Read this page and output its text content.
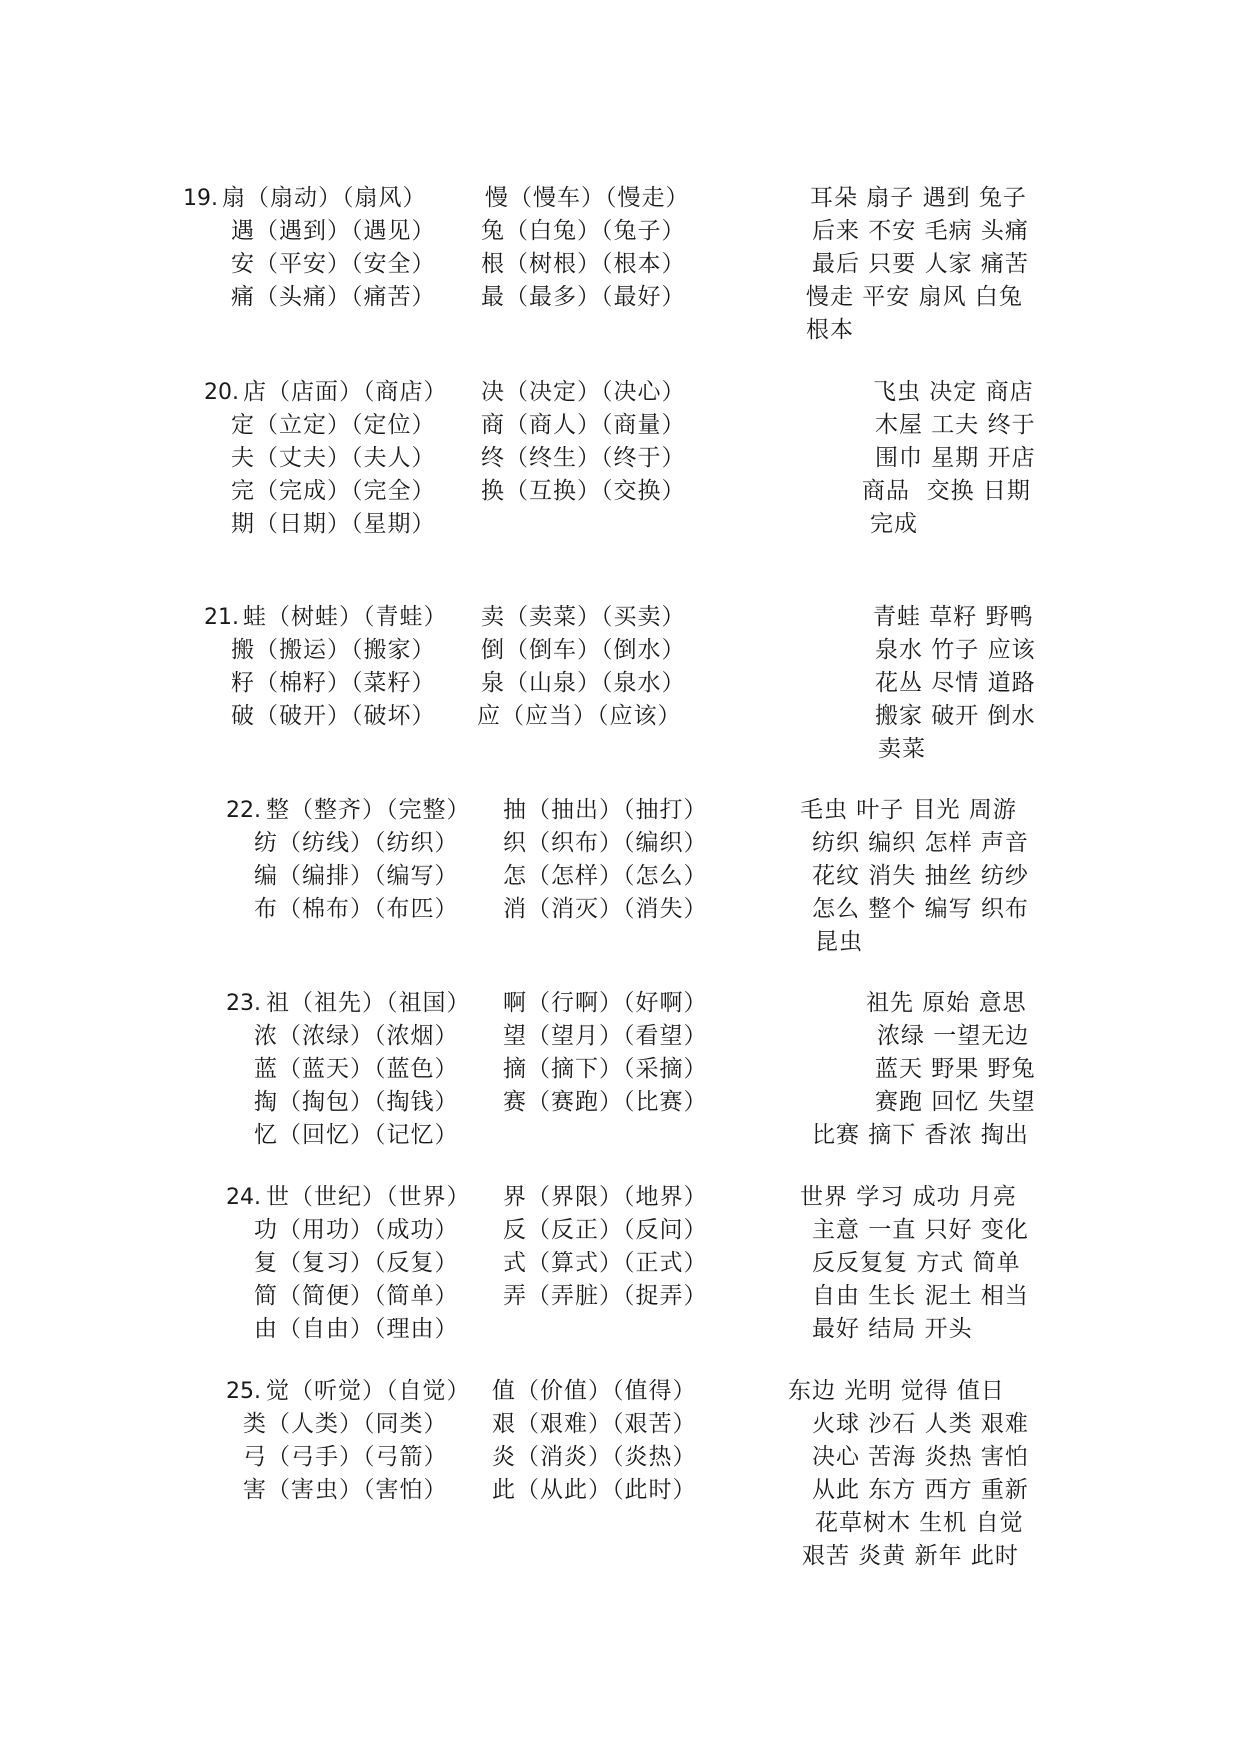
19. 扇（扇动）（扇风）
遇（遇到）（遇见）
安（平安）（安全）
痛（头痛）（痛苦）
慢（慢车）（慢走）
兔（白兔）（兔子）
根（树根）（根本）
最（最多）（最好）
耳朵 扇子 遇到 兔子
后来 不安 毛病 头痛
最后 只要 人家 痛苦
慢走 平安 扇风 白兔
根本
20. 店（店面）（商店）
定（立定）（定位）
夫（丈夫）（夫人）
完（完成）（完全）
期（日期）（星期）
决（决定）（决心）
商（商人）（商量）
终（终生）（终于）
换（互换）（交换）
飞虫 决定 商店
木屋 工夫 终于
围巾 星期 开店
商品  交换 日期
完成
21. 蛙（树蛙）（青蛙）
搬（搬运）（搬家）
籽（棉籽）（菜籽）
破（破开）（破坏）
卖（卖菜）（买卖）
倒（倒车）（倒水）
泉（山泉）（泉水）
应（应当）（应该）
青蛙 草籽 野鸭
泉水 竹子 应该
花丛 尽情 道路
搬家 破开 倒水
卖菜
22. 整（整齐）（完整）
纺（纺线）（纺织）
编（编排）（编写）
布（棉布）（布匹）
抽（抽出）（抽打）
织（织布）（编织）
怎（怎样）（怎么）
消（消灭）（消失）
毛虫 叶子 目光 周游
纺织 编织 怎样 声音
花纹 消失 抽丝 纺纱
怎么 整个 编写 织布
昆虫
23. 祖（祖先）（祖国）
浓（浓绿）（浓烟）
蓝（蓝天）（蓝色）
掏（掏包）（掏钱）
忆（回忆）（记忆）
啊（行啊）（好啊）
望（望月）（看望）
摘（摘下）（采摘）
赛（赛跑）（比赛）
祖先 原始 意思
浓绿 一望无边
蓝天 野果 野兔
赛跑 回忆 失望
比赛 摘下 香浓 掏出
24. 世（世纪）（世界）
功（用功）（成功）
复（复习）（反复）
简（简便）（简单）
由（自由）（理由）
界（界限）（地界）
反（反正）（反问）
式（算式）（正式）
弄（弄脏）（捉弄）
世界 学习 成功 月亮
主意 一直 只好 变化
反反复复 方式 简单
自由 生长 泥土 相当
最好 结局 开头
25. 觉（听觉）（自觉）
类（人类）（同类）
弓（弓手）（弓箭）
害（害虫）（害怕）
值（价值）（值得）
艰（艰难）（艰苦）
炎（消炎）（炎热）
此（从此）（此时）
东边 光明 觉得 值日
火球 沙石 人类 艰难
决心 苦海 炎热 害怕
从此 东方 西方 重新
花草树木 生机 自觉
艰苦 炎黄 新年 此时
